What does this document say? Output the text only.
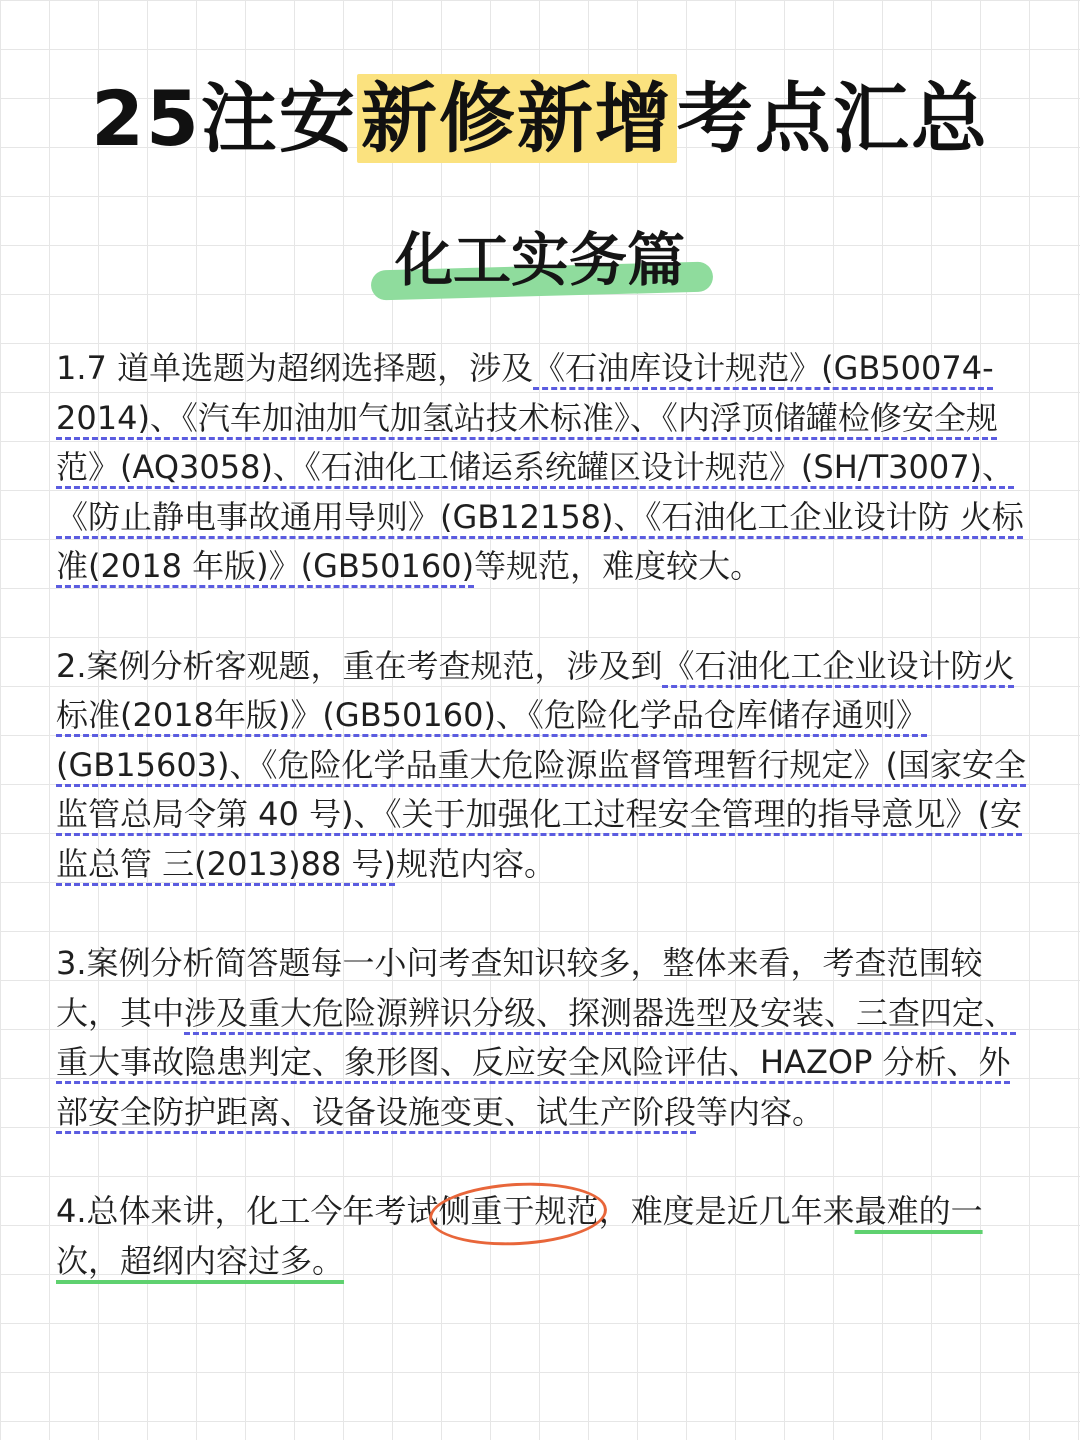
25注安新修新增考点汇总
化工实务篇

1.7 道单选题为超纲选择题，涉及《石油库设计规范》(GB50074-2014)、《汽车加油加气加氢站技术标准》、《内浮顶储罐检修安全规范》(AQ3058)、《石油化工储运系统罐区设计规范》(SH/T3007)、《防止静电事故通用导则》(GB12158)、《石油化工企业设计防 火标准(2018 年版)》(GB50160)等规范，难度较大。

2.案例分析客观题，重在考查规范，涉及到《石油化工企业设计防火标准(2018年版)》(GB50160)、《危险化学品仓库储存通则》(GB15603)、《危险化学品重大危险源监督管理暂行规定》(国家安全监管总局令第 40 号)、《关于加强化工过程安全管理的指导意见》(安监总管 三(2013)88 号)规范内容。

3.案例分析简答题每一小问考查知识较多，整体来看，考查范围较大，其中涉及重大危险源辨识分级、探测器选型及安装、三查四定、 重大事故隐患判定、象形图、反应安全风险评估、HAZOP 分析、外部安全防护距离、设备设施变更、试生产阶段等内容。

4.总体来讲，化工今年考试侧重于规范，难度是近几年来最难的一次，超纲内容过多。
